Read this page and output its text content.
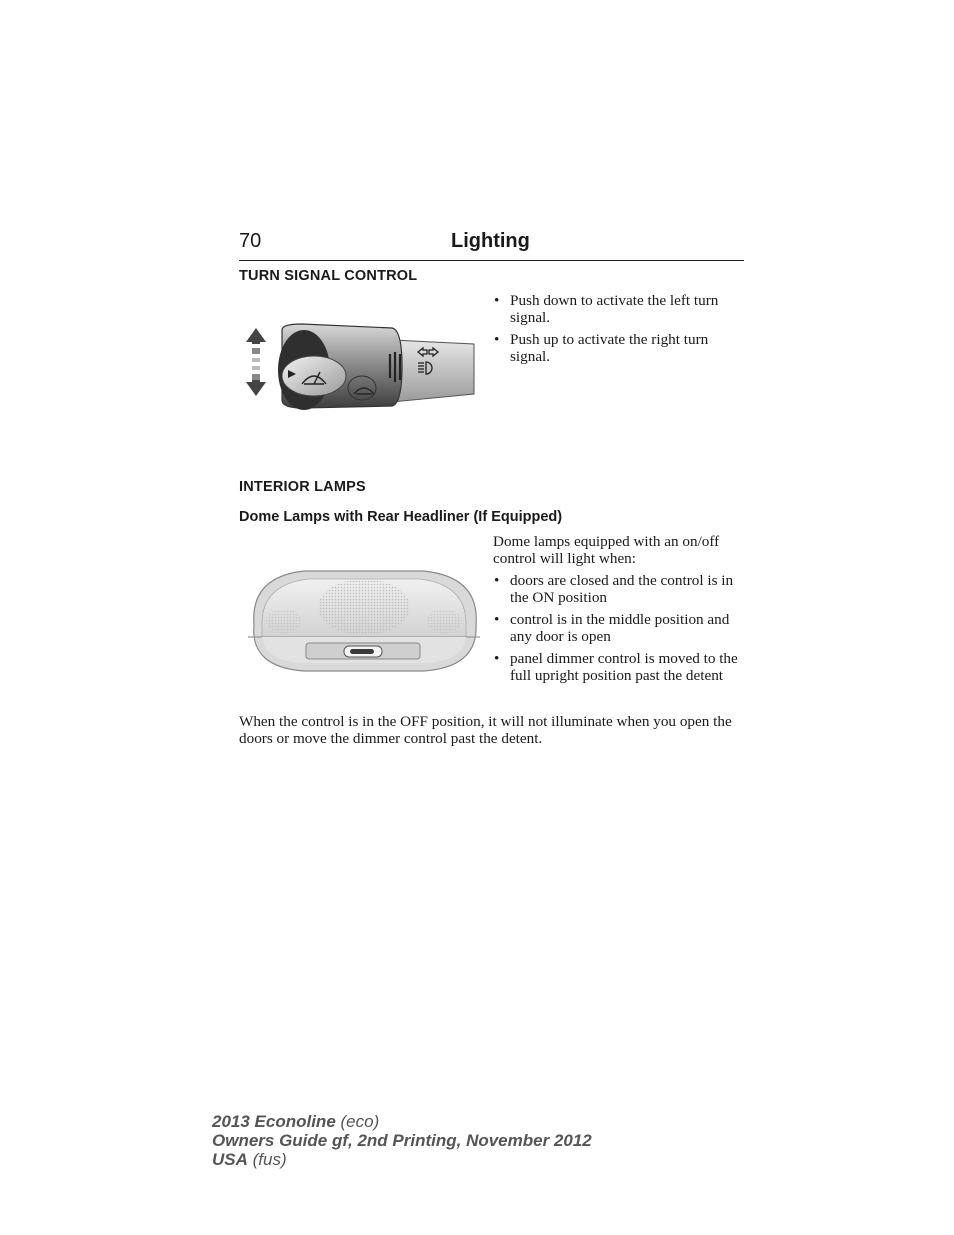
70	Lighting
TURN SIGNAL CONTROL
• Push down to activate the left turn signal.
• Push up to activate the right turn signal.
INTERIOR LAMPS
Dome Lamps with Rear Headliner (If Equipped)
Dome lamps equipped with an on/off control will light when:
• doors are closed and the control is in the ON position
• control is in the middle position and any door is open
• panel dimmer control is moved to the full upright position past the detent

When the control is in the OFF position, it will not illuminate when you open the doors or move the dimmer control past the detent.

2013 Econoline (eco)
Owners Guide gf, 2nd Printing, November 2012
USA (fus)
